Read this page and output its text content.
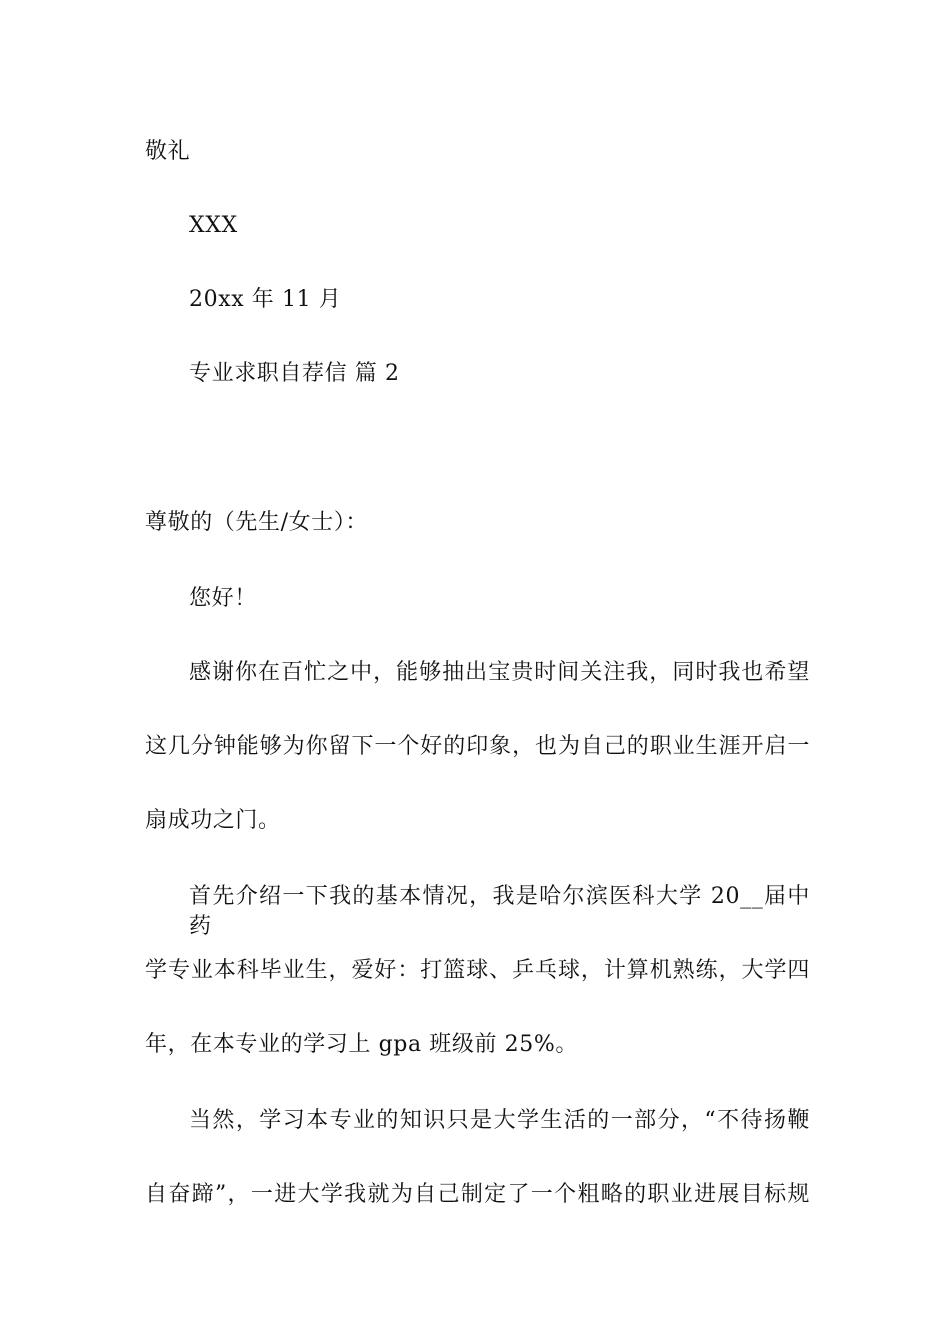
敬礼
XXX
20xx 年 11 月
专业求职自荐信 篇 2
尊敬的（先生/女士）：
您好！
感谢你在百忙之中，能够抽出宝贵时间关注我，同时我也希望
这几分钟能够为你留下一个好的印象，也为自己的职业生涯开启一
扇成功之门。
首先介绍一下我的基本情况，我是哈尔滨医科大学 20__届中药
学专业本科毕业生，爱好：打篮球、乒乓球，计算机熟练，大学四
年，在本专业的学习上 gpa 班级前 25%。
当然，学习本专业的知识只是大学生活的一部分，“不待扬鞭
自奋蹄”，一进大学我就为自己制定了一个粗略的职业进展目标规
